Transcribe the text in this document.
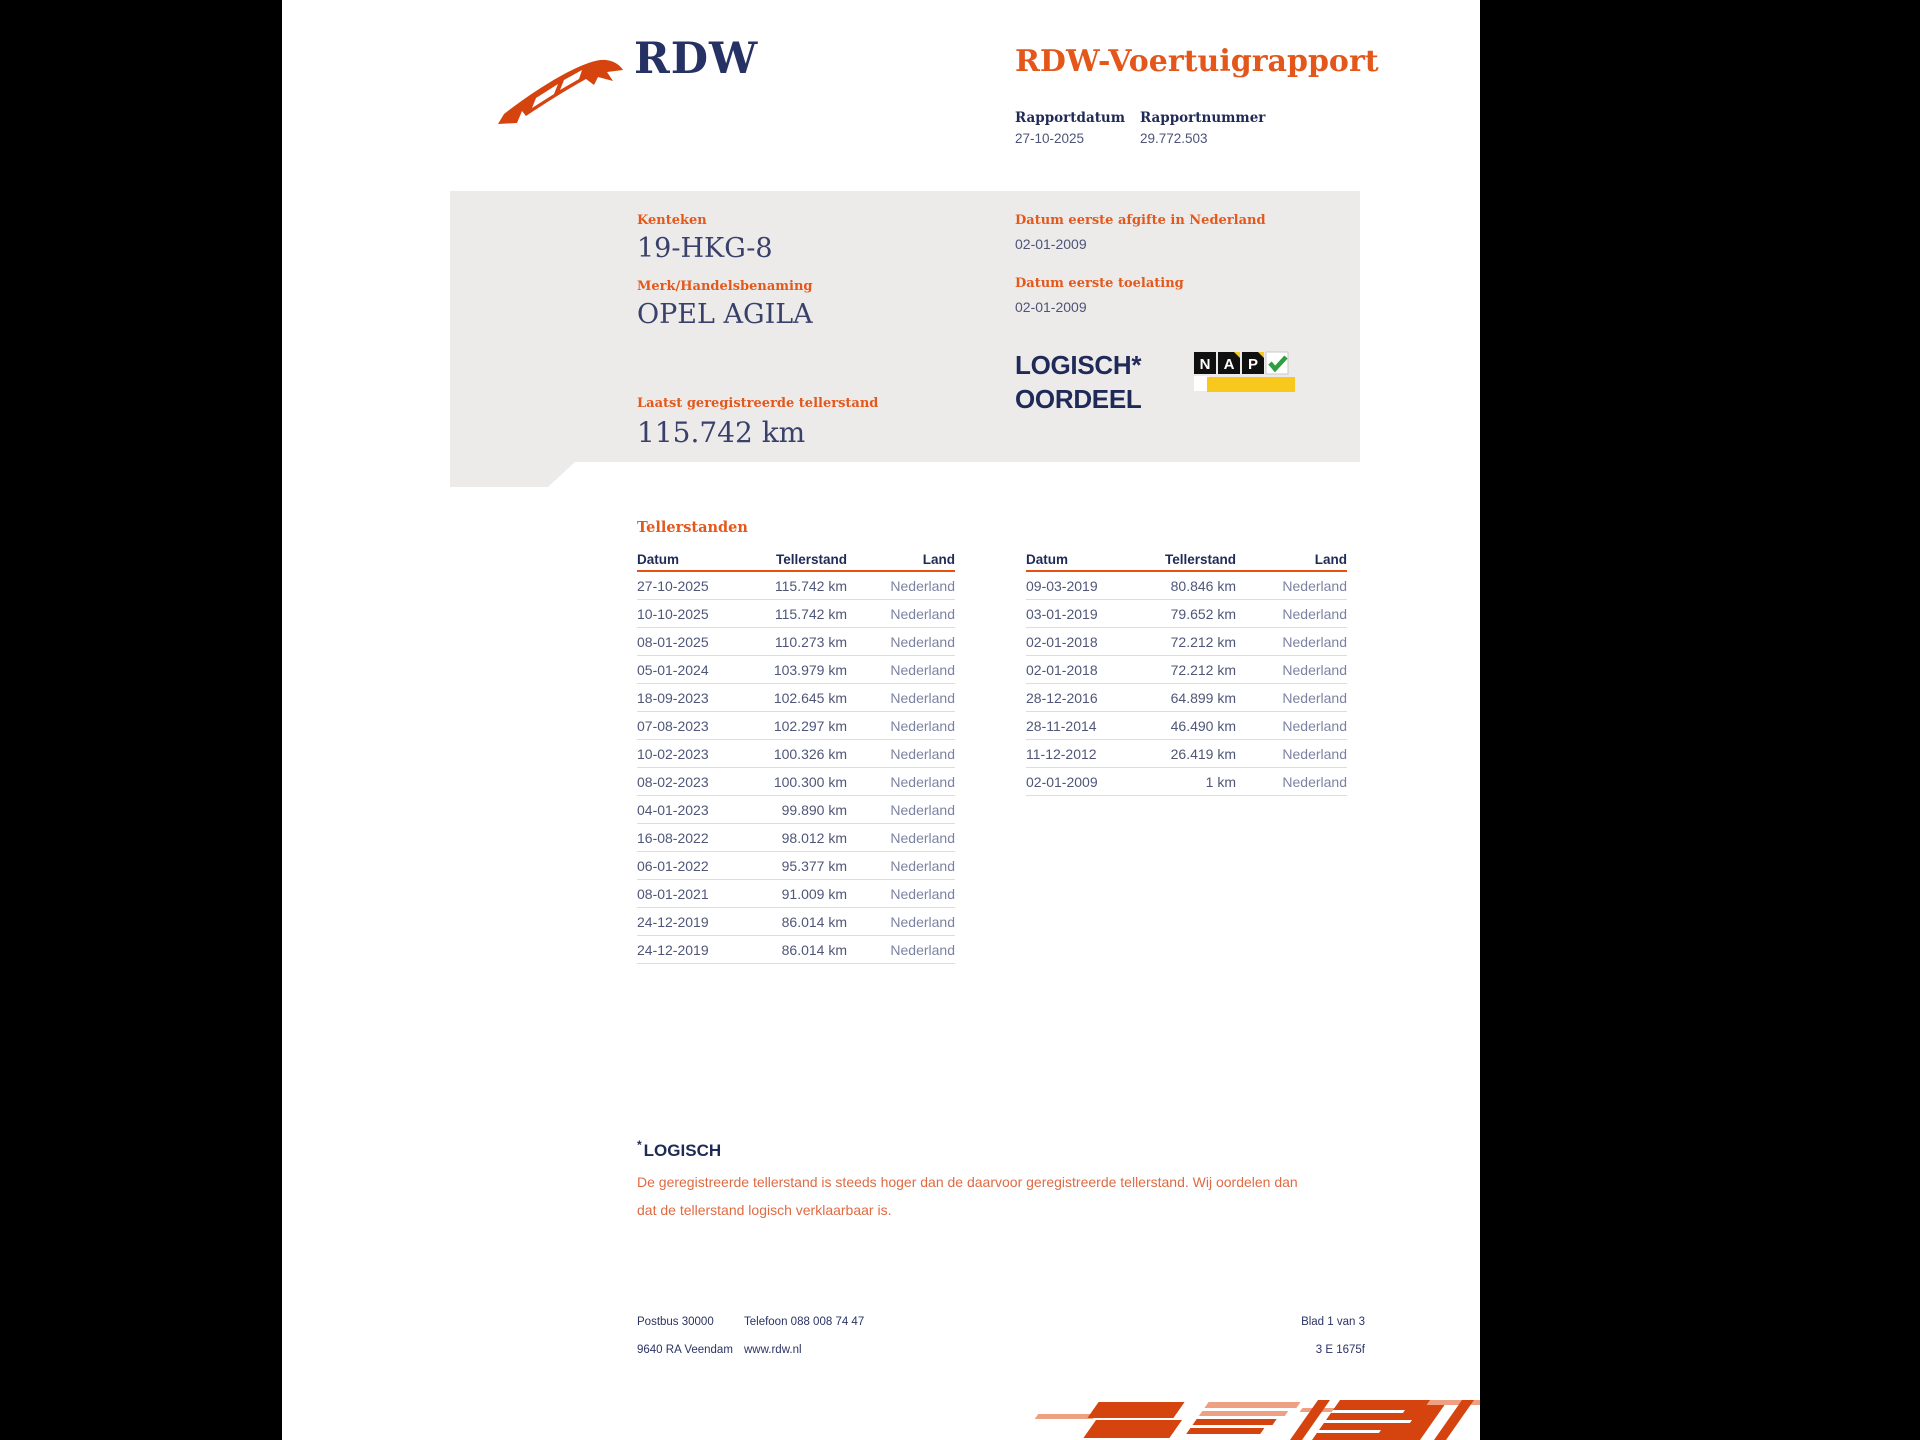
RDW	RDW-Voertuigrapport
Rapportdatum Rapportnummer
27-10-2025	29.772.503
Kenteken
19-HKG-8
Merk/Handelsbenaming
OPEL AGILA
Laatst geregistreerde tellerstand
115.742 km
Datum eerste afgifte in Nederland
02-01-2009
Datum eerste toelating
02-01-2009
LOGISCH*
OORDEEL
N A P
Tellerstanden
Datum	Tellerstand	Land
27-10-2025	115.742 km	Nederland
10-10-2025	115.742 km	Nederland
08-01-2025	110.273 km	Nederland
05-01-2024	103.979 km	Nederland
18-09-2023	102.645 km	Nederland
07-08-2023	102.297 km	Nederland
10-02-2023	100.326 km	Nederland
08-02-2023	100.300 km	Nederland
04-01-2023	99.890 km	Nederland
16-08-2022	98.012 km	Nederland
06-01-2022	95.377 km	Nederland
08-01-2021	91.009 km	Nederland
24-12-2019	86.014 km	Nederland
24-12-2019	86.014 km	Nederland
Datum	Tellerstand	Land
09-03-2019	80.846 km	Nederland
03-01-2019	79.652 km	Nederland
02-01-2018	72.212 km	Nederland
02-01-2018	72.212 km	Nederland
28-12-2016	64.899 km	Nederland
28-11-2014	46.490 km	Nederland
11-12-2012	26.419 km	Nederland
02-01-2009	1 km	Nederland
* LOGISCH
De geregistreerde tellerstand is steeds hoger dan de daarvoor geregistreerde tellerstand. Wij oordelen dan
dat de tellerstand logisch verklaarbaar is.
Postbus 30000
9640 RA Veendam
Telefoon 088 008 74 47
www.rdw.nl
Blad 1 van 3
3 E 1675f
